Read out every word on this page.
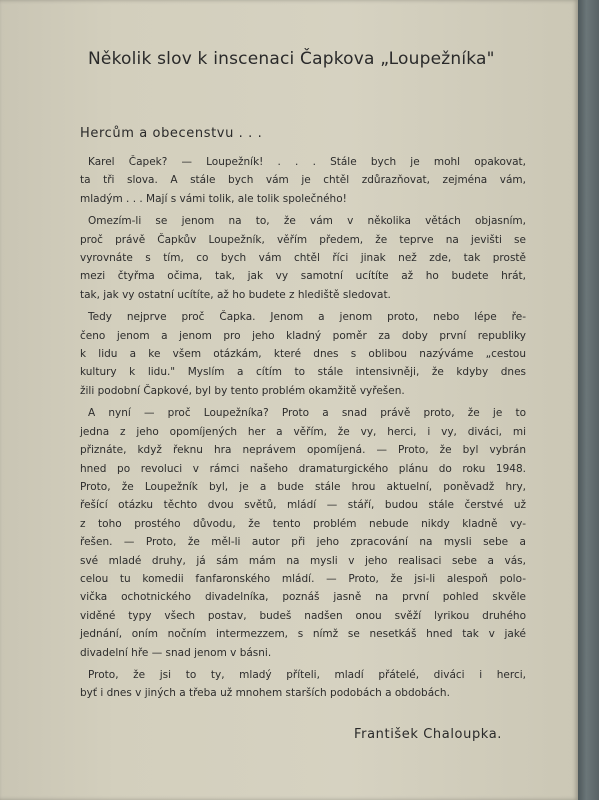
Několik slov k inscenaci Čapkova „Loupežníka"
Hercům a obecenstvu . . .
Karel Čapek? — Loupežník! . . . Stále bych je mohl opakovat,
ta tři slova. A stále bych vám je chtěl zdůrazňovat, zejména vám,
mladým . . . Mají s vámi tolik, ale tolik společného!
Omezím-li se jenom na to, že vám v několika větách objasním,
proč právě Čapkův Loupežník, věřím předem, že teprve na jevišti se
vyrovnáte s tím, co bych vám chtěl říci jinak než zde, tak prostě
mezi čtyřma očima, tak, jak vy samotní ucítíte až ho budete hrát,
tak, jak vy ostatní ucítíte, až ho budete z hlediště sledovat.
Tedy nejprve proč Čapka. Jenom a jenom proto, nebo lépe ře-
čeno jenom a jenom pro jeho kladný poměr za doby první republiky
k lidu a ke všem otázkám, které dnes s oblibou nazýváme „cestou
kultury k lidu." Myslím a cítím to stále intensivněji, že kdyby dnes
žili podobní Čapkové, byl by tento problém okamžitě vyřešen.
A nyní — proč Loupežníka? Proto a snad právě proto, že je to
jedna z jeho opomíjených her a věřím, že vy, herci, i vy, diváci, mi
přiznáte, když řeknu hra neprávem opomíjená. — Proto, že byl vybrán
hned po revoluci v rámci našeho dramaturgického plánu do roku 1948.
Proto, že Loupežník byl, je a bude stále hrou aktuelní, poněvadž hry,
řešící otázku těchto dvou světů, mládí — stáří, budou stále čerstvé už
z toho prostého důvodu, že tento problém nebude nikdy kladně vy-
řešen. — Proto, že měl-li autor při jeho zpracování na mysli sebe a
své mladé druhy, já sám mám na mysli v jeho realisaci sebe a vás,
celou tu komedii fanfaronského mládí. — Proto, že jsi-li alespoň polo-
vička ochotnického divadelníka, poznáš jasně na první pohled skvěle
viděné typy všech postav, budeš nadšen onou svěží lyrikou druhého
jednání, oním nočním intermezzem, s nímž se nesetkáš hned tak v jaké
divadelní hře — snad jenom v básni.
Proto, že jsi to ty, mladý příteli, mladí přátelé, diváci i herci,
byť i dnes v jiných a třeba už mnohem starších podobách a obdobách.
František Chaloupka.
